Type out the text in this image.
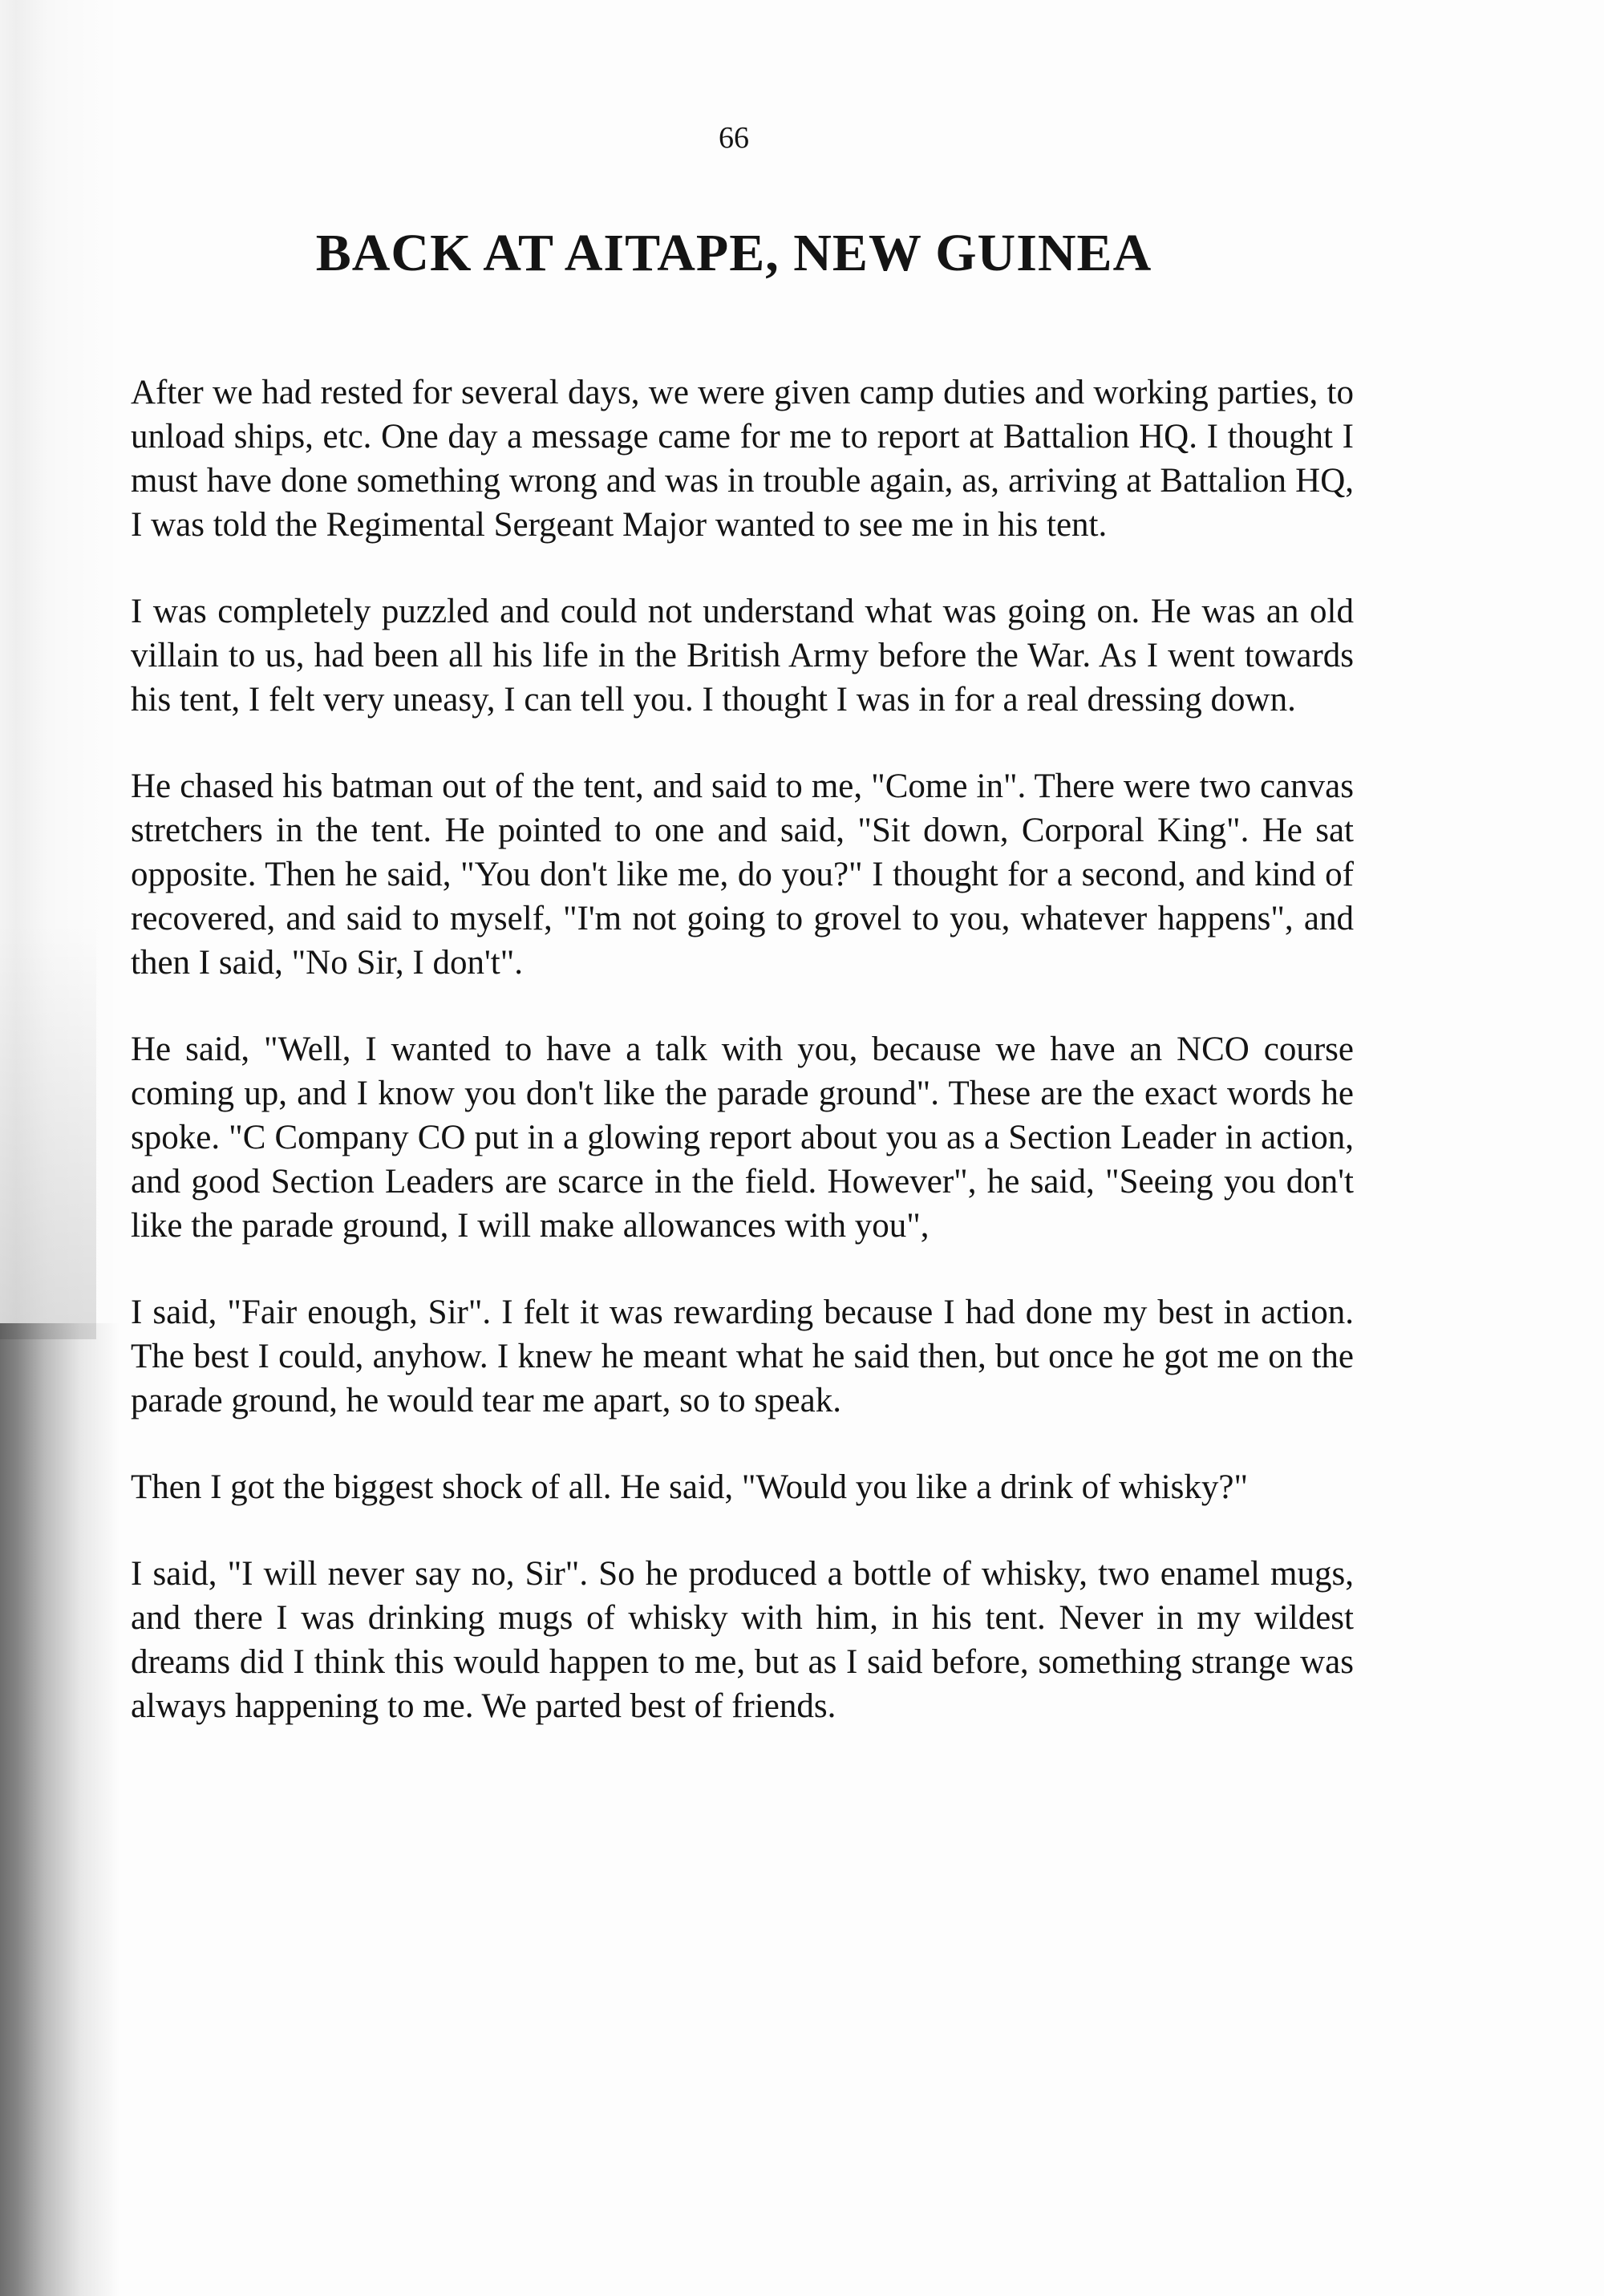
66

BACK AT AITAPE, NEW GUINEA

After we had rested for several days, we were given camp duties and working parties, to unload ships, etc. One day a message came for me to report at Battalion HQ. I thought I must have done something wrong and was in trouble again, as, arriving at Battalion HQ, I was told the Regimental Sergeant Major wanted to see me in his tent.

I was completely puzzled and could not understand what was going on. He was an old villain to us, had been all his life in the British Army before the War. As I went towards his tent, I felt very uneasy, I can tell you. I thought I was in for a real dressing down.

He chased his batman out of the tent, and said to me, "Come in". There were two canvas stretchers in the tent. He pointed to one and said, "Sit down, Corporal King". He sat opposite. Then he said, "You don't like me, do you?" I thought for a second, and kind of recovered, and said to myself, "I'm not going to grovel to you, whatever happens", and then I said, "No Sir, I don't".

He said, "Well, I wanted to have a talk with you, because we have an NCO course coming up, and I know you don't like the parade ground". These are the exact words he spoke. "C Company CO put in a glowing report about you as a Section Leader in action, and good Section Leaders are scarce in the field. However", he said, "Seeing you don't like the parade ground, I will make allowances with you",

I said, "Fair enough, Sir". I felt it was rewarding because I had done my best in action. The best I could, anyhow. I knew he meant what he said then, but once he got me on the parade ground, he would tear me apart, so to speak.

Then I got the biggest shock of all. He said, "Would you like a drink of whisky?"

I said, "I will never say no, Sir". So he produced a bottle of whisky, two enamel mugs, and there I was drinking mugs of whisky with him, in his tent. Never in my wildest dreams did I think this would happen to me, but as I said before, something strange was always happening to me. We parted best of friends.
